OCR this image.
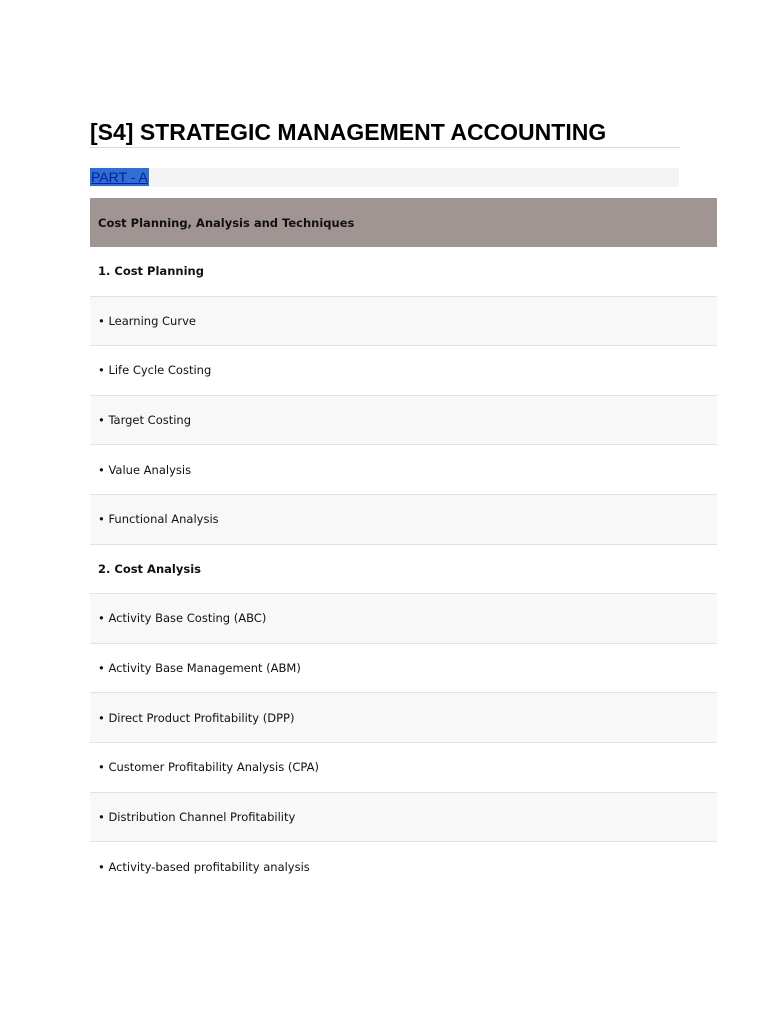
[S4] STRATEGIC MANAGEMENT ACCOUNTING
PART - A
Cost Planning, Analysis and Techniques
1. Cost Planning
• Learning Curve
• Life Cycle Costing
• Target Costing
• Value Analysis
• Functional Analysis
2. Cost Analysis
• Activity Base Costing (ABC)
• Activity Base Management (ABM)
• Direct Product Profitability (DPP)
• Customer Profitability Analysis (CPA)
• Distribution Channel Profitability
• Activity-based profitability analysis
